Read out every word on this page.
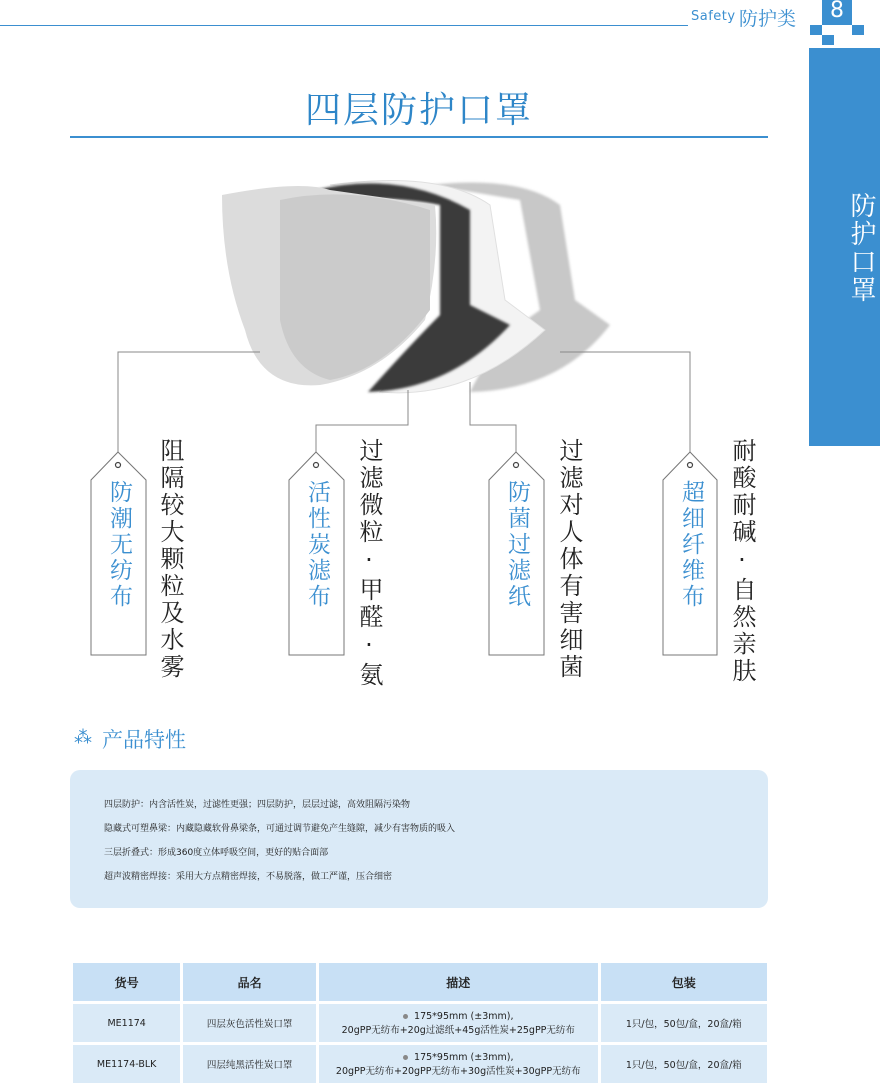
Safety 防护类	8
防护口罩
四层防护口罩
防潮无纺布	活性炭滤布	防菌过滤纸	超细纤维布
阻隔较大颗粒及水雾	过滤微粒·甲醛·氨	过滤对人体有害细菌	耐酸耐碱·自然亲肤
⁂ 产品特性
四层防护：内含活性炭，过滤性更强；四层防护，层层过滤，高效阻隔污染物
隐藏式可塑鼻梁：内藏隐藏软骨鼻梁条，可通过调节避免产生缝隙，减少有害物质的吸入
三层折叠式：形成360度立体呼吸空间，更好的贴合面部
超声波精密焊接：采用大方点精密焊接，不易脱落，做工严谨，压合细密
货号	品名	描述	包装
ME1174	四层灰色活性炭口罩	175*95mm (±3mm),
20gPP无纺布+20g过滤纸+45g活性炭+25gPP无纺布	1只/包，50包/盒，20盒/箱
ME1174-BLK	四层纯黑活性炭口罩	175*95mm (±3mm),
20gPP无纺布+20gPP无纺布+30g活性炭+30gPP无纺布	1只/包，50包/盒，20盒/箱
